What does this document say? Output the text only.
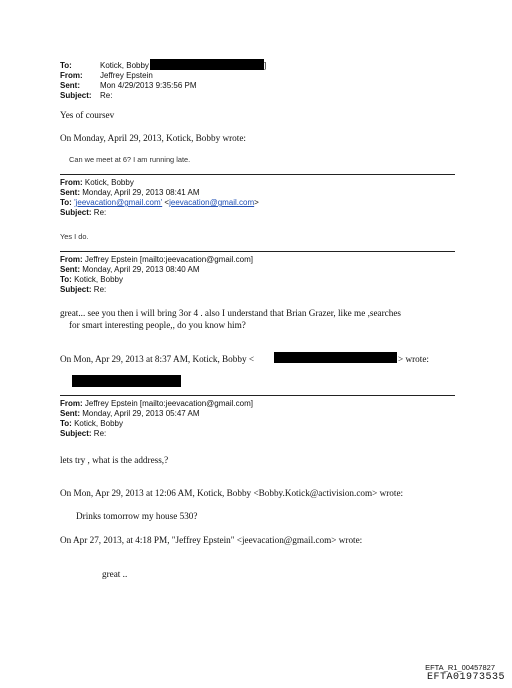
To:	Kotick, Bobby	]
From: Jeffrey Epstein
Sent:	Mon 4/29/2013 9:35:56 PM
Subject: Re:
Yes of coursev
On Monday, April 29, 2013, Kotick, Bobby wrote:
Can we meet at 6? I am running late.
From: Kotick, Bobby
Sent: Monday, April 29, 2013 08:41 AM
To: 'jeevacation@gmail.com' <jeevacation@gmail.com>
Subject: Re:
Yes I do.
From: Jeffrey Epstein [mailto:jeevacation@gmail.com]
Sent: Monday, April 29, 2013 08:40 AM
To: Kotick, Bobby
Subject: Re:
great... see you then i will bring 3or 4 . also I understand that Brian Grazer, like me ,searches
for smart interesting people,, do you know him?
On Mon, Apr 29, 2013 at 8:37 AM, Kotick, Bobby <	> wrote:
From: Jeffrey Epstein [mailto:jeevacation@gmail.com]
Sent: Monday, April 29, 2013 05:47 AM
To: Kotick, Bobby
Subject: Re:
lets try , what is the address,?
On Mon, Apr 29, 2013 at 12:06 AM, Kotick, Bobby <Bobby.Kotick@activision.com> wrote:
Drinks tomorrow my house 530?
On Apr 27, 2013, at 4:18 PM, "Jeffrey Epstein" <jeevacation@gmail.com> wrote:
great ..
EFTA_R1_00457827
EFTA01973535
